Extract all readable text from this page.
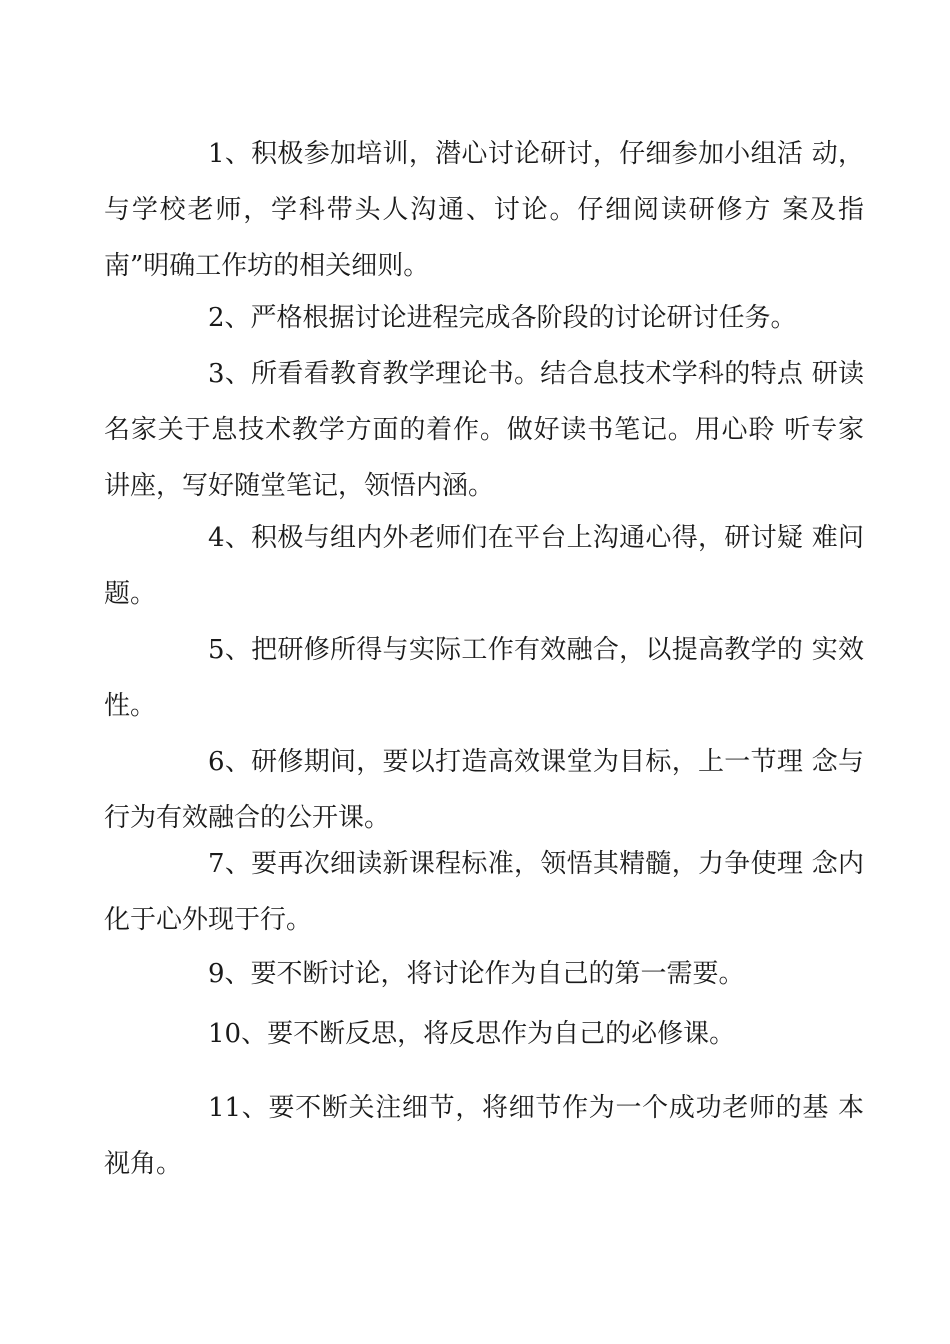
1、积极参加培训，潜心讨论研讨，仔细参加小组活 动，与学校老师，学科带头人沟通、讨论。仔细阅读研修方 案及指南”明确工作坊的相关细则。

2、严格根据讨论进程完成各阶段的讨论研讨任务。

3、所看看教育教学理论书。结合息技术学科的特点 研读名家关于息技术教学方面的着作。做好读书笔记。用心聆 听专家讲座，写好随堂笔记，领悟内涵。

4、积极与组内外老师们在平台上沟通心得，研讨疑 难问题。

5、把研修所得与实际工作有效融合，以提高教学的 实效性。

6、研修期间，要以打造高效课堂为目标，上一节理 念与行为有效融合的公开课。

7、要再次细读新课程标准，领悟其精髓，力争使理 念内化于心外现于行。

9、要不断讨论，将讨论作为自己的第一需要。

10、要不断反思，将反思作为自己的必修课。

11、要不断关注细节，将细节作为一个成功老师的基 本视角。
